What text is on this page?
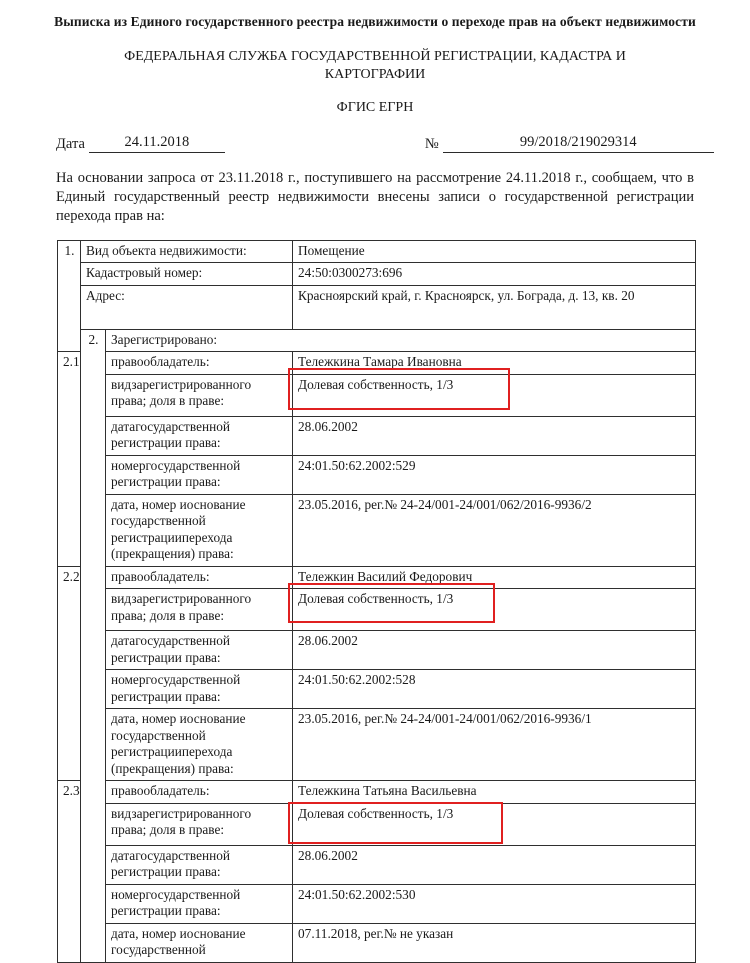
Выписка из Единого государственного реестра недвижимости о переходе прав на объект недвижимости

ФЕДЕРАЛЬНАЯ СЛУЖБА ГОСУДАРСТВЕННОЙ РЕГИСТРАЦИИ, КАДАСТРА И КАРТОГРАФИИ

ФГИС ЕГРН

Дата	24.11.2018	№	99/2018/219029314

На основании запроса от 23.11.2018 г., поступившего на рассмотрение 24.11.2018 г., сообщаем, что в Единый государственный реестр недвижимости внесены записи о государственной регистрации перехода прав на:

1.	Вид объекта недвижимости:		Помещение	
	Кадастровый номер:		24:50:0300273:696	
	Адрес:		Красноярский край, г. Красноярск, ул. Бограда, д. 13, кв. 20	
	2.	Зарегистрировано:		
2.1		правообладатель:	Тележкина Тамара Ивановна	

		видзарегистрированного
права; доля в праве:	Долевая собственность, 1/3	

		датагосударственной
регистрации права:	28.06.2002	

		номергосударственной
регистрации права:	24:01.50:62.2002:529	

		дата, номер иоснование
государственной
регистрацииперехода
(прекращения) права:	23.05.2016, рег.№ 24-24/001-24/001/062/2016-9936/2	
2.2		правообладатель:	Тележкин Василий Федорович	

		видзарегистрированного
права; доля в праве:	Долевая собственность, 1/3	

		датагосударственной
регистрации права:	28.06.2002	

		номергосударственной
регистрации права:	24:01.50:62.2002:528	

		дата, номер иоснование
государственной
регистрацииперехода
(прекращения) права:	23.05.2016, рег.№ 24-24/001-24/001/062/2016-9936/1	
2.3		правообладатель:	Тележкина Татьяна Васильевна	

		видзарегистрированного
права; доля в праве:	Долевая собственность, 1/3	

		датагосударственной
регистрации права:	28.06.2002	

		номергосударственной
регистрации права:	24:01.50:62.2002:530	

		дата, номер иоснование
государственной	07.11.2018, рег.№ не указан	
